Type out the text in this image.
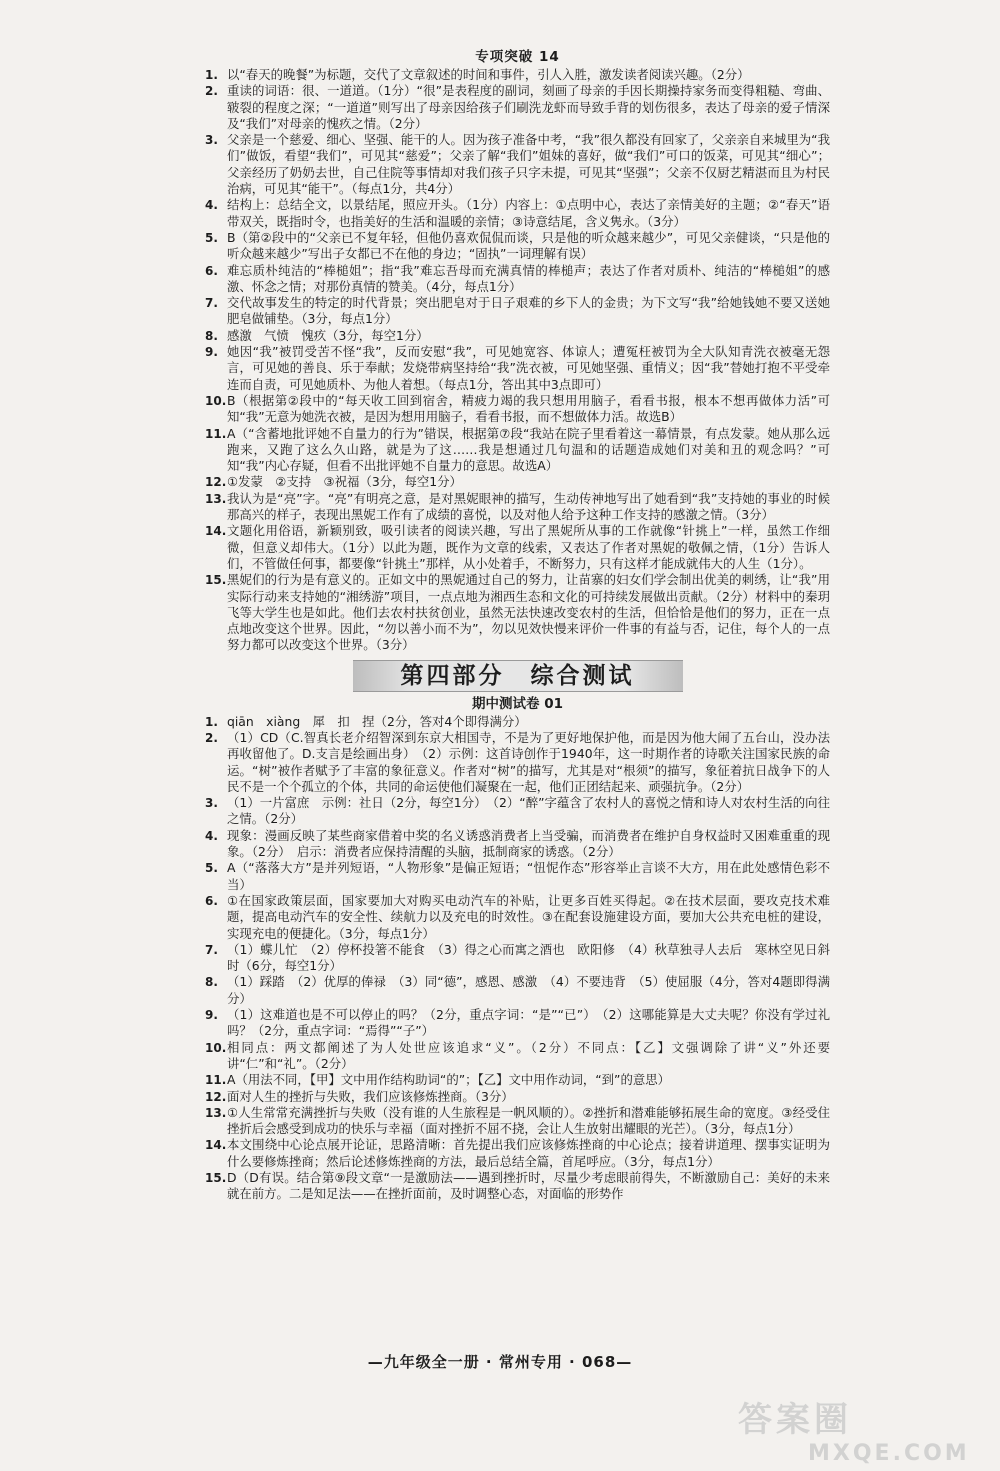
专项突破 14
1. 以“春天的晚餐”为标题，交代了文章叙述的时间和事件，引人入胜，激发读者阅读兴趣。（2分）
2. 重读的词语：很、一道道。（1分）“很”是表程度的副词，刻画了母亲的手因长期操持家务而变得粗糙、弯曲、皲裂的程度之深；“一道道”则写出了母亲因给孩子们刷洗龙虾而导致手背的划伤很多，表达了母亲的爱子情深及“我们”对母亲的愧疚之情。（2分）
3. 父亲是一个慈爱、细心、坚强、能干的人。因为孩子准备中考，“我”很久都没有回家了，父亲亲自来城里为“我们”做饭，看望“我们”，可见其“慈爱”；父亲了解“我们”姐妹的喜好，做“我们”可口的饭菜，可见其“细心”；父亲经历了奶奶去世，自己住院等事情却对我们孩子只字未提，可见其“坚强”；父亲不仅厨艺精湛而且为村民治病，可见其“能干”。（每点1分，共4分）
4. 结构上：总结全文，以景结尾，照应开头。（1分）内容上：①点明中心，表达了亲情美好的主题；②“春天”语带双关，既指时令，也指美好的生活和温暖的亲情；③诗意结尾，含义隽永。（3分）
5. B（第②段中的“父亲已不复年轻，但他仍喜欢侃侃而谈，只是他的听众越来越少”，可见父亲健谈，“只是他的听众越来越少”写出子女都已不在他的身边；“固执”一词理解有误）
6. 难忘质朴纯洁的“棒槌姐”；指“我”难忘吾母而充满真情的棒槌声；表达了作者对质朴、纯洁的“棒槌姐”的感激、怀念之情；对那份真情的赞美。（4分，每点1分）
7. 交代故事发生的特定的时代背景；突出肥皂对于日子艰难的乡下人的金贵；为下文写“我”给她钱她不要又送她肥皂做铺垫。（3分，每点1分）
8. 感激　气愤　愧疚（3分，每空1分）
9. 她因“我”被罚受苦不怪“我”，反而安慰“我”，可见她宽容、体谅人；遭冤枉被罚为全大队知青洗衣被毫无怨言，可见她的善良、乐于奉献；发烧带病坚持给“我”洗衣被，可见她坚强、重情义；因“我”替她打抱不平受牵连而自责，可见她质朴、为他人着想。（每点1分，答出其中3点即可）
10. B（根据第②段中的“每天收工回到宿舍，精疲力竭的我只想用用脑子，看看书报，根本不想再做体力活”可知“我”无意为她洗衣被，是因为想用用脑子，看看书报，而不想做体力活。故选B）
11. A（“含蓄地批评她不自量力的行为”错误，根据第⑦段“我站在院子里看着这一幕情景，有点发蒙。她从那么远跑来，又跑了这么久山路，就是为了这……我是想通过几句温和的话题造成她们对美和丑的观念吗？”可知“我”内心存疑，但看不出批评她不自量力的意思。故选A）
12. ①发蒙　②支持　③祝福（3分，每空1分）
13. 我认为是“亮”字。“亮”有明亮之意，是对黑妮眼神的描写，生动传神地写出了她看到“我”支持她的事业的时候那高兴的样子，表现出黑妮工作有了成绩的喜悦，以及对他人给予这种工作支持的感激之情。（3分）
14. 文题化用俗语，新颖别致，吸引读者的阅读兴趣，写出了黑妮所从事的工作就像“针挑上”一样，虽然工作细微，但意义却伟大。（1分）以此为题，既作为文章的线索，又表达了作者对黑妮的敬佩之情，（1分）告诉人们，不管做任何事，都要像“针挑土”那样，从小处着手，不断努力，只有这样才能成就伟大的人生（1分）。
15. 黑妮们的行为是有意义的。正如文中的黑妮通过自己的努力，让苗寨的妇女们学会制出优美的刺绣，让“我”用实际行动来支持她的“湘绣游”项目，一点点地为湘西生态和文化的可持续发展做出贡献。（2分）材料中的秦玥飞等大学生也是如此。他们去农村扶贫创业，虽然无法快速改变农村的生活，但恰恰是他们的努力，正在一点点地改变这个世界。因此，“勿以善小而不为”，勿以见效快慢来评价一件事的有益与否，记住，每个人的一点努力都可以改变这个世界。（3分）
第四部分　综合测试
期中测试卷 01
1. qiān　xiàng　犀　扣　捏（2分，答对4个即得满分）
2. （1）CD（C.智真长老介绍智深到东京大相国寺，不是为了更好地保护他，而是因为他大闹了五台山，没办法再收留他了。D.支言是绘画出身）　（2）示例：这首诗创作于1940年，这一时期作者的诗歌关注国家民族的命运。“树”被作者赋予了丰富的象征意义。作者对“树”的描写，尤其是对“根须”的描写，象征着抗日战争下的人民不是一个个孤立的个体，共同的命运使他们凝聚在一起，他们正团结起来、顽强抗争。（2分）
3. （1）一片富庶　示例：社日（2分，每空1分）　（2）“醉”字蕴含了农村人的喜悦之情和诗人对农村生活的向往之情。（2分）
4. 现象：漫画反映了某些商家借着中奖的名义诱惑消费者上当受骗，而消费者在维护自身权益时又困难重重的现象。（2分）　启示：消费者应保持清醒的头脑，抵制商家的诱惑。（2分）
5. A（“落落大方”是并列短语，“人物形象”是偏正短语；“忸怩作态”形容举止言谈不大方，用在此处感情色彩不当）
6. ①在国家政策层面，国家要加大对购买电动汽车的补贴，让更多百姓买得起。②在技术层面，要攻克技术难题，提高电动汽车的安全性、续航力以及充电的时效性。③在配套设施建设方面，要加大公共充电桩的建设，实现充电的便捷化。（3分，每点1分）
7. （1）蝶儿忙　（2）停杯投箸不能食　（3）得之心而寓之酒也　欧阳修　（4）秋草独寻人去后　寒林空见日斜时（6分，每空1分）
8. （1）踩踏　（2）优厚的俸禄　（3）同“德”，感恩、感激　（4）不要违背　（5）使屈服（4分，答对4题即得满分）
9. （1）这难道也是不可以停止的吗？（2分，重点字词：“是”“已”）　（2）这哪能算是大丈夫呢？你没有学过礼吗？（2分，重点字词：“焉得”“子”）
10. 相同点：两文都阐述了为人处世应该追求“义”。（2分）不同点：【乙】文强调除了讲“义”外还要讲“仁”和“礼”。（2分）
11. A（用法不同，【甲】文中用作结构助词“的”；【乙】文中用作动词，“到”的意思）
12. 面对人生的挫折与失败，我们应该修炼挫商。（3分）
13. ①人生常常充满挫折与失败（没有谁的人生旅程是一帆风顺的）。②挫折和潜难能够拓展生命的宽度。③经受住挫折后会感受到成功的快乐与幸福（面对挫折不屈不挠，会让人生放射出耀眼的光芒）。（3分，每点1分）
14. 本文围绕中心论点展开论证，思路清晰：首先提出我们应该修炼挫商的中心论点；接着讲道理、摆事实证明为什么要修炼挫商；然后论述修炼挫商的方法，最后总结全篇，首尾呼应。（3分，每点1分）
15. D（D有误。结合第⑨段文章“一是激励法——遇到挫折时，尽量少考虑眼前得失，不断激励自己：美好的未来就在前方。二是知足法——在挫折面前，及时调整心态，对面临的形势作
—九年级全一册 · 常州专用 · 068—
答案圈
MXQE.COM
